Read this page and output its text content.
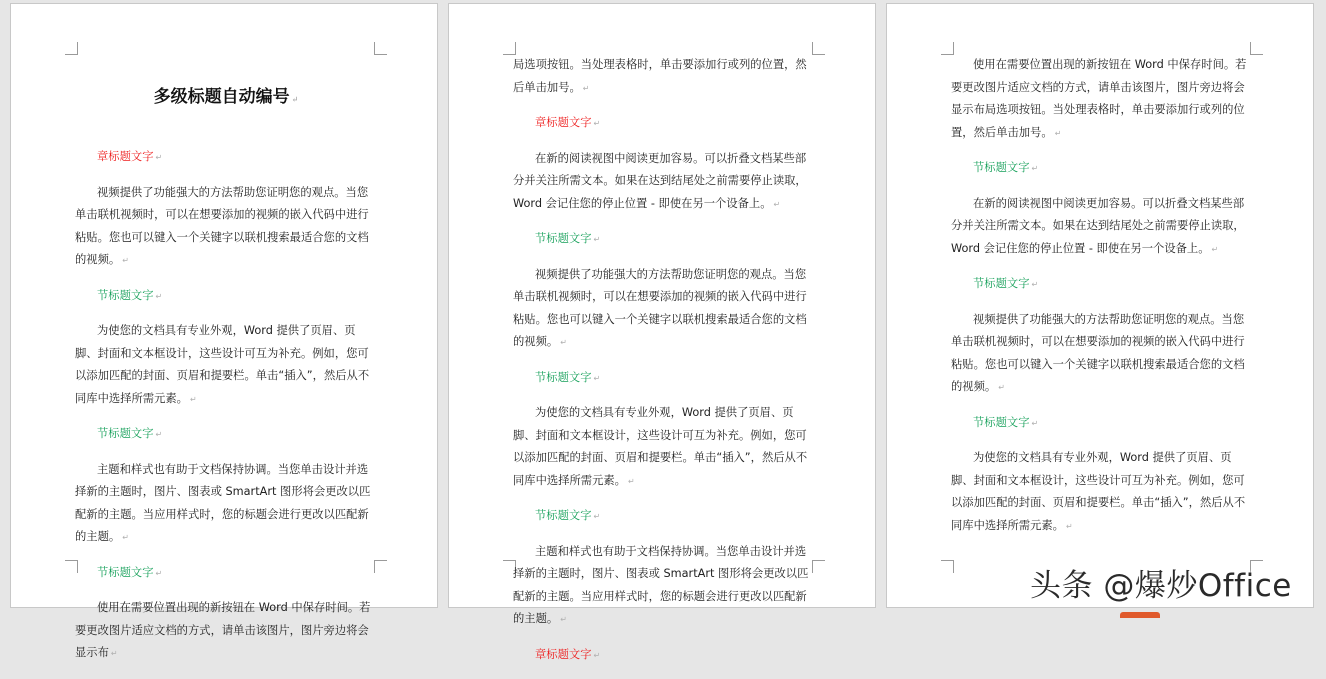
多级标题自动编号 ↵
章标题文字 ↵
视频提供了功能强大的方法帮助您证明您的观点。当您单击联机视频时，可以在想要添加的视频的嵌入代码中进行粘贴。您也可以键入一个关键字以联机搜索最适合您的文档的视频。 ↵
节标题文字 ↵
为使您的文档具有专业外观，Word 提供了页眉、页脚、封面和文本框设计，这些设计可互为补充。例如，您可以添加匹配的封面、页眉和提要栏。单击“插入”，然后从不同库中选择所需元素。 ↵
节标题文字 ↵
主题和样式也有助于文档保持协调。当您单击设计并选择新的主题时，图片、图表或 SmartArt 图形将会更改以匹配新的主题。当应用样式时，您的标题会进行更改以匹配新的主题。 ↵
节标题文字 ↵
使用在需要位置出现的新按钮在 Word 中保存时间。若要更改图片适应文档的方式，请单击该图片，图片旁边将会显示布 ↵
局选项按钮。当处理表格时，单击要添加行或列的位置，然后单击加号。 ↵
章标题文字 ↵
在新的阅读视图中阅读更加容易。可以折叠文档某些部分并关注所需文本。如果在达到结尾处之前需要停止读取，Word 会记住您的停止位置 - 即使在另一个设备上。 ↵
节标题文字 ↵
视频提供了功能强大的方法帮助您证明您的观点。当您单击联机视频时，可以在想要添加的视频的嵌入代码中进行粘贴。您也可以键入一个关键字以联机搜索最适合您的文档的视频。 ↵
节标题文字 ↵
为使您的文档具有专业外观，Word 提供了页眉、页脚、封面和文本框设计，这些设计可互为补充。例如，您可以添加匹配的封面、页眉和提要栏。单击“插入”，然后从不同库中选择所需元素。 ↵
节标题文字 ↵
主题和样式也有助于文档保持协调。当您单击设计并选择新的主题时，图片、图表或 SmartArt 图形将会更改以匹配新的主题。当应用样式时，您的标题会进行更改以匹配新的主题。 ↵
章标题文字 ↵
使用在需要位置出现的新按钮在 Word 中保存时间。若要更改图片适应文档的方式，请单击该图片，图片旁边将会显示布局选项按钮。当处理表格时，单击要添加行或列的位置，然后单击加号。 ↵
节标题文字 ↵
在新的阅读视图中阅读更加容易。可以折叠文档某些部分并关注所需文本。如果在达到结尾处之前需要停止读取，Word 会记住您的停止位置 - 即使在另一个设备上。 ↵
节标题文字 ↵
视频提供了功能强大的方法帮助您证明您的观点。当您单击联机视频时，可以在想要添加的视频的嵌入代码中进行粘贴。您也可以键入一个关键字以联机搜索最适合您的文档的视频。 ↵
节标题文字 ↵
为使您的文档具有专业外观，Word 提供了页眉、页脚、封面和文本框设计，这些设计可互为补充。例如，您可以添加匹配的封面、页眉和提要栏。单击“插入”，然后从不同库中选择所需元素。 ↵
头条 @爆炒Office
